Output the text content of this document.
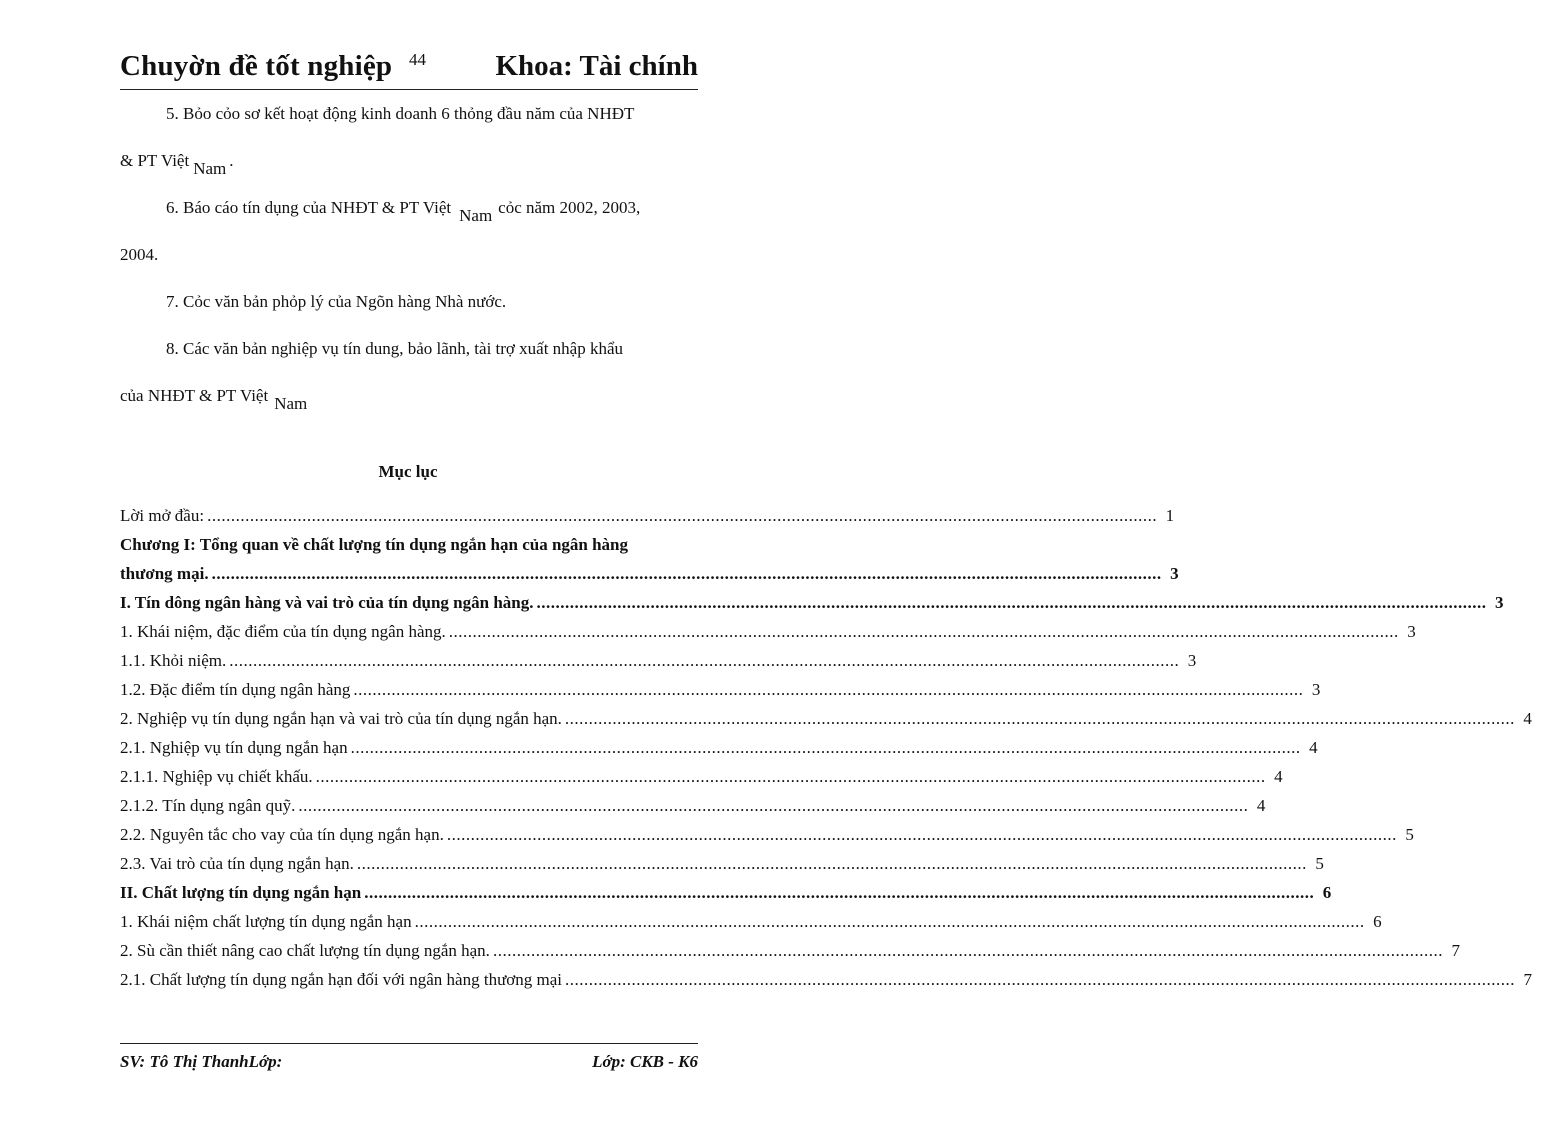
Chuyờn đề tốt nghiệp 44 Khoa: Tài chính
5. Bỏo cỏo sơ kết hoạt động kinh doanh 6 thỏng đầu năm của NHĐT
& PT Việt Nam .
6. Báo cáo tín dụng của NHĐT & PT Việt Nam cỏc năm 2002, 2003,
2004.
7. Cỏc văn bản phỏp lý của Ngõn hàng Nhà nước.
8. Các văn bản nghiệp vụ tín dung, bảo lãnh, tài trợ xuất nhập khẩu
của NHĐT & PT Việt Nam
Mục lục
Lời mở đầu: ........................................................................................................................................................................................................ 1
Chương I: Tổng quan về chất lượng tín dụng ngắn hạn của ngân hàng
thương mại. ........................................................................................................................................................................................................ 3
I. Tín dông ngân hàng và vai trò của tín dụng ngân hàng. ........................................................................................................................................................................................................ 3
1. Khái niệm, đặc điểm của tín dụng ngân hàng. ........................................................................................................................................................................................................ 3
1.1. Khỏi niệm. ........................................................................................................................................................................................................ 3
1.2. Đặc điểm tín dụng ngân hàng ........................................................................................................................................................................................................ 3
2. Nghiệp vụ tín dụng ngắn hạn và vai trò của tín dụng ngắn hạn. ........................................................................................................................................................................................................ 4
2.1. Nghiệp vụ tín dụng ngắn hạn ........................................................................................................................................................................................................ 4
2.1.1. Nghiệp vụ chiết khấu. ........................................................................................................................................................................................................ 4
2.1.2. Tín dụng ngân quỹ. ........................................................................................................................................................................................................ 4
2.2. Nguyên tắc cho vay của tín dụng ngắn hạn. ........................................................................................................................................................................................................ 5
2.3. Vai trò của tín dụng ngắn hạn. ........................................................................................................................................................................................................ 5
II. Chất lượng tín dụng ngắn hạn ........................................................................................................................................................................................................ 6
1. Khái niệm chất lượng tín dụng ngắn hạn ........................................................................................................................................................................................................ 6
2. Sù cần thiết nâng cao chất lượng tín dụng ngắn hạn. ........................................................................................................................................................................................................ 7
2.1. Chất lượng tín dụng ngắn hạn đối với ngân hàng thương mại ........................................................................................................................................................................................................ 7
SV: Tô Thị ThanhLớp:	Lớp: CKB - K6
